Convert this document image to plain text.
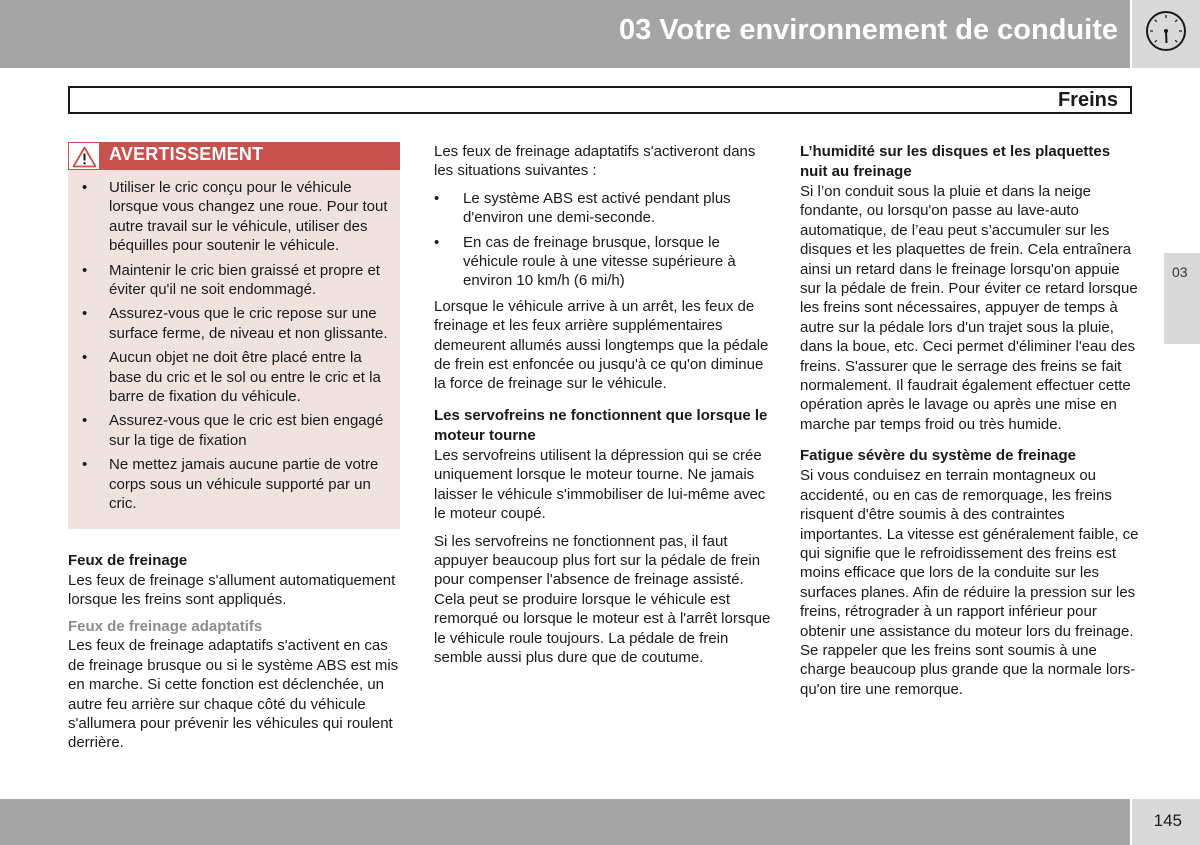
03 Votre environnement de conduite
Freins
03
AVERTISSEMENT
• Utiliser le cric conçu pour le véhicule lorsque vous changez une roue. Pour tout autre travail sur le véhicule, utiliser des béquilles pour soutenir le véhicule.
• Maintenir le cric bien graissé et propre et éviter qu'il ne soit endommagé.
• Assurez-vous que le cric repose sur une surface ferme, de niveau et non glissante.
• Aucun objet ne doit être placé entre la base du cric et le sol ou entre le cric et la barre de fixation du véhicule.
• Assurez-vous que le cric est bien engagé sur la tige de fixation
• Ne mettez jamais aucune partie de votre corps sous un véhicule supporté par un cric.
Feux de freinage

Les feux de freinage s'allument automatiquement lorsque les freins sont appliqués.

Feux de freinage adaptatifs

Les feux de freinage adaptatifs s'activent en cas de freinage brusque ou si le système ABS est mis en marche. Si cette fonction est déclenchée, un autre feu arrière sur chaque côté du véhicule s'allumera pour prévenir les véhicules qui roulent derrière.

Les feux de freinage adaptatifs s'activeront dans les situations suivantes :

• Le système ABS est activé pendant plus d'environ une demi-seconde.
• En cas de freinage brusque, lorsque le véhicule roule à une vitesse supérieure à environ 10 km/h (6 mi/h)

Lorsque le véhicule arrive à un arrêt, les feux de freinage et les feux arrière supplémentaires demeurent allumés aussi longtemps que la pédale de frein est enfoncée ou jusqu'à ce qu'on diminue la force de freinage sur le véhicule.

Les servofreins ne fonctionnent que lorsque le moteur tourne

Les servofreins utilisent la dépression qui se crée uniquement lorsque le moteur tourne. Ne jamais laisser le véhicule s'immobiliser de lui-même avec le moteur coupé.

Si les servofreins ne fonctionnent pas, il faut appuyer beaucoup plus fort sur la pédale de frein pour compenser l'absence de freinage assisté. Cela peut se produire lorsque le véhicule est remorqué ou lorsque le moteur est à l'arrêt lorsque le véhicule roule toujours. La pédale de frein semble aussi plus dure que de coutume.

L’humidité sur les disques et les plaquettes nuit au freinage

Si l’on conduit sous la pluie et dans la neige fondante, ou lorsqu'on passe au lave-auto automatique, de l’eau peut s’accumuler sur les disques et les plaquettes de frein. Cela entraînera ainsi un retard dans le freinage lorsqu'on appuie sur la pédale de frein. Pour éviter ce retard lorsque les freins sont nécessaires, appuyer de temps à autre sur la pédale lors d'un trajet sous la pluie, dans la boue, etc. Ceci permet d'éliminer l'eau des freins. S'assurer que le serrage des freins se fait normalement. Il faudrait également effectuer cette opération après le lavage ou après une mise en marche par temps froid ou très humide.

Fatigue sévère du système de freinage

Si vous conduisez en terrain montagneux ou accidenté, ou en cas de remorquage, les freins risquent d'être soumis à des contraintes importantes. La vitesse est généralement faible, ce qui signifie que le refroidissement des freins est moins efficace que lors de la conduite sur les surfaces planes. Afin de réduire la pression sur les freins, rétrograder à un rapport inférieur pour obtenir une assistance du moteur lors du freinage. Se rappeler que les freins sont soumis à une charge beaucoup plus grande que la normale lorsqu'on tire une remorque.

145
